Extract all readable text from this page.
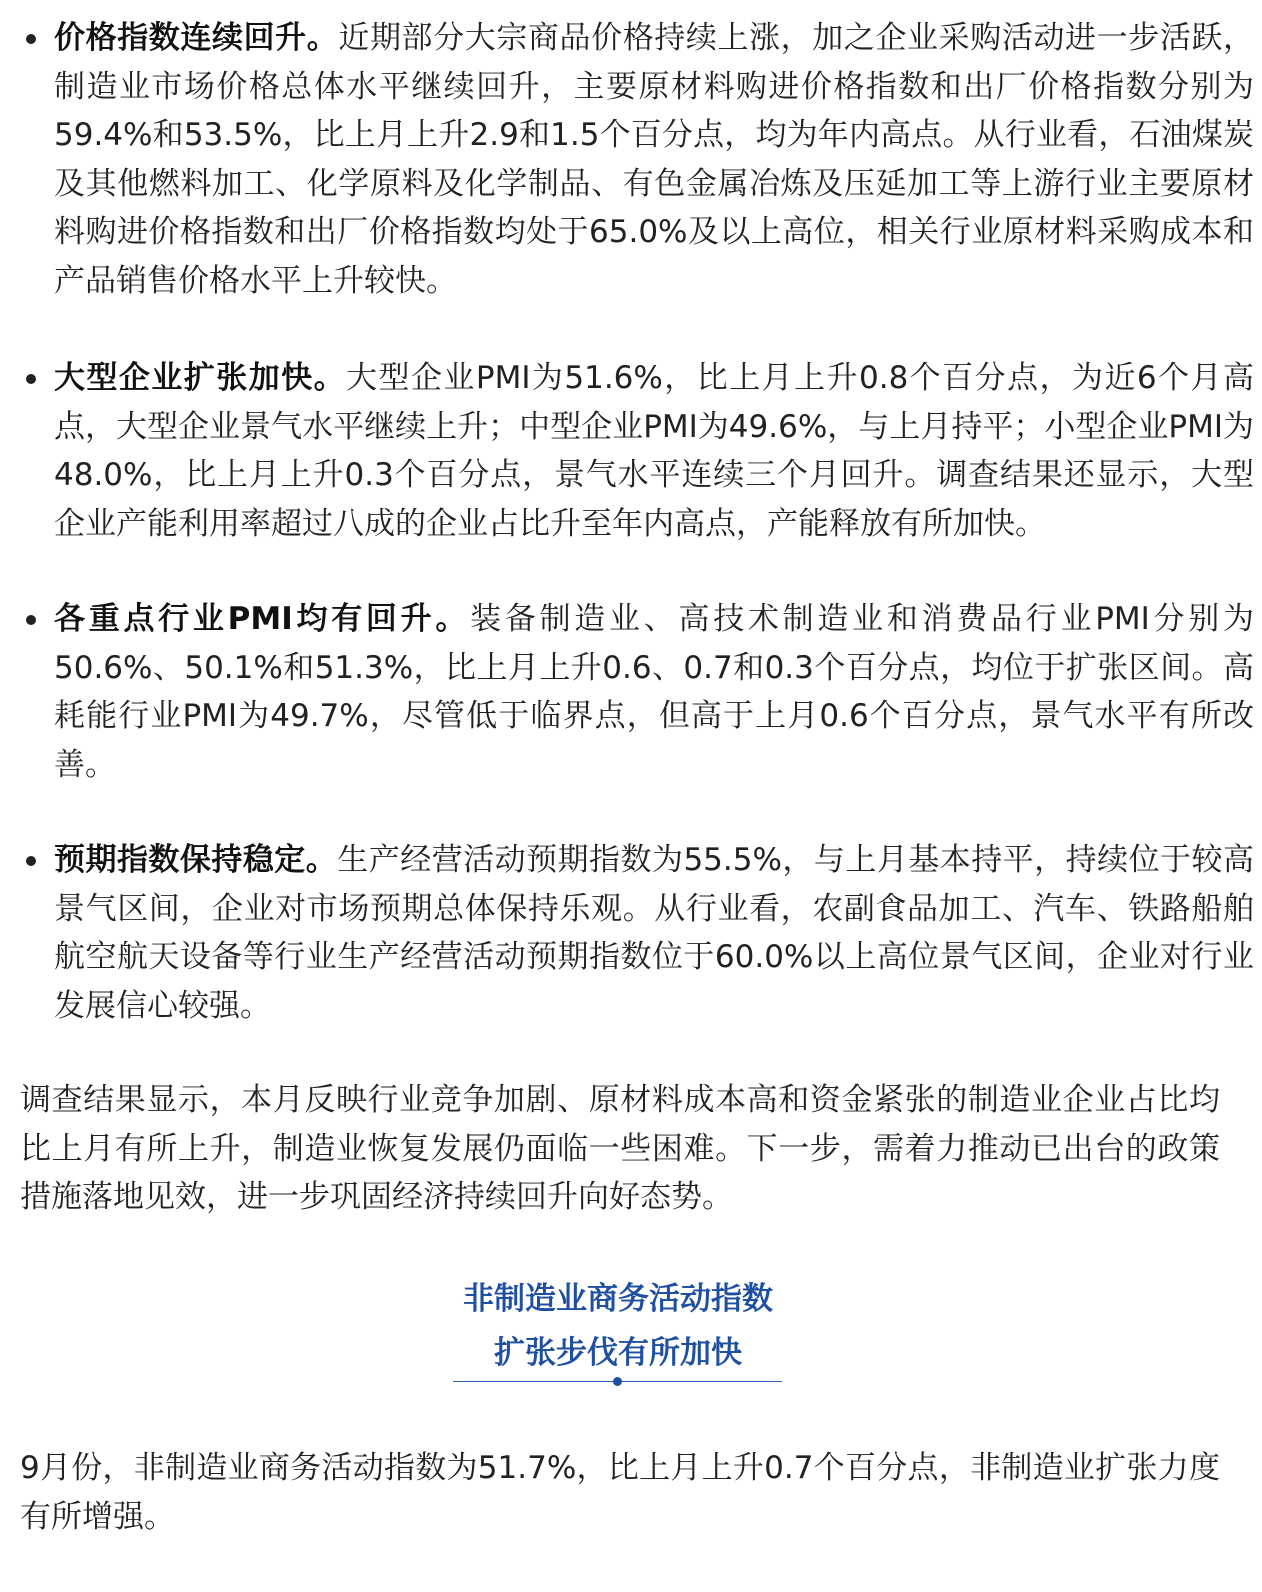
价格指数连续回升。近期部分大宗商品价格持续上涨，加之企业采购活动进一步活跃，制造业市场价格总体水平继续回升，主要原材料购进价格指数和出厂价格指数分别为59.4%和53.5%，比上月上升2.9和1.5个百分点，均为年内高点。从行业看，石油煤炭及其他燃料加工、化学原料及化学制品、有色金属冶炼及压延加工等上游行业主要原材料购进价格指数和出厂价格指数均处于65.0%及以上高位，相关行业原材料采购成本和产品销售价格水平上升较快。
大型企业扩张加快。大型企业PMI为51.6%，比上月上升0.8个百分点，为近6个月高点，大型企业景气水平继续上升；中型企业PMI为49.6%，与上月持平；小型企业PMI为48.0%，比上月上升0.3个百分点，景气水平连续三个月回升。调查结果还显示，大型企业产能利用率超过八成的企业占比升至年内高点，产能释放有所加快。
各重点行业PMI均有回升。装备制造业、高技术制造业和消费品行业PMI分别为50.6%、50.1%和51.3%，比上月上升0.6、0.7和0.3个百分点，均位于扩张区间。高耗能行业PMI为49.7%，尽管低于临界点，但高于上月0.6个百分点，景气水平有所改善。
预期指数保持稳定。生产经营活动预期指数为55.5%，与上月基本持平，持续位于较高景气区间，企业对市场预期总体保持乐观。从行业看，农副食品加工、汽车、铁路船舶航空航天设备等行业生产经营活动预期指数位于60.0%以上高位景气区间，企业对行业发展信心较强。

调查结果显示，本月反映行业竞争加剧、原材料成本高和资金紧张的制造业企业占比均比上月有所上升，制造业恢复发展仍面临一些困难。下一步，需着力推动已出台的政策措施落地见效，进一步巩固经济持续回升向好态势。

非制造业商务活动指数
扩张步伐有所加快

9月份，非制造业商务活动指数为51.7%，比上月上升0.7个百分点，非制造业扩张力度有所增强。
